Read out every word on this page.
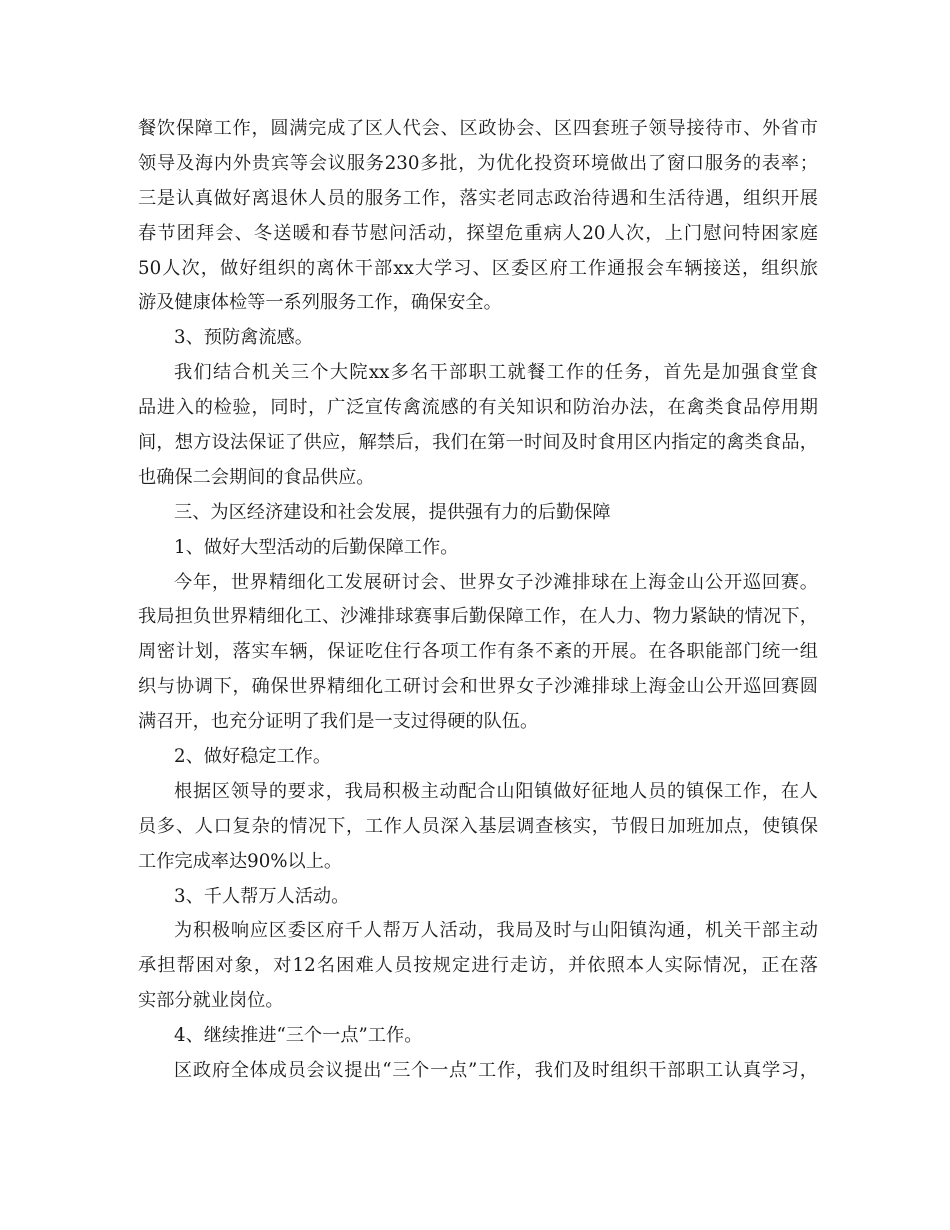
餐饮保障工作，圆满完成了区人代会、区政协会、区四套班子领导接待市、外省市
领导及海内外贵宾等会议服务230多批，为优化投资环境做出了窗口服务的表率；
三是认真做好离退休人员的服务工作，落实老同志政治待遇和生活待遇，组织开展
春节团拜会、冬送暖和春节慰问活动，探望危重病人20人次，上门慰问特困家庭
50人次，做好组织的离休干部xx大学习、区委区府工作通报会车辆接送，组织旅
游及健康体检等一系列服务工作，确保安全。
3、预防禽流感。
我们结合机关三个大院xx多名干部职工就餐工作的任务，首先是加强食堂食
品进入的检验，同时，广泛宣传禽流感的有关知识和防治办法，在禽类食品停用期
间，想方设法保证了供应，解禁后，我们在第一时间及时食用区内指定的禽类食品，
也确保二会期间的食品供应。
三、为区经济建设和社会发展，提供强有力的后勤保障
1、做好大型活动的后勤保障工作。
今年，世界精细化工发展研讨会、世界女子沙滩排球在上海金山公开巡回赛。
我局担负世界精细化工、沙滩排球赛事后勤保障工作，在人力、物力紧缺的情况下，
周密计划，落实车辆，保证吃住行各项工作有条不紊的开展。在各职能部门统一组
织与协调下，确保世界精细化工研讨会和世界女子沙滩排球上海金山公开巡回赛圆
满召开，也充分证明了我们是一支过得硬的队伍。
2、做好稳定工作。
根据区领导的要求，我局积极主动配合山阳镇做好征地人员的镇保工作，在人
员多、人口复杂的情况下，工作人员深入基层调查核实，节假日加班加点，使镇保
工作完成率达90%以上。
3、千人帮万人活动。
为积极响应区委区府千人帮万人活动，我局及时与山阳镇沟通，机关干部主动
承担帮困对象，对12名困难人员按规定进行走访，并依照本人实际情况，正在落
实部分就业岗位。
4、继续推进“三个一点”工作。
区政府全体成员会议提出“三个一点”工作，我们及时组织干部职工认真学习，
